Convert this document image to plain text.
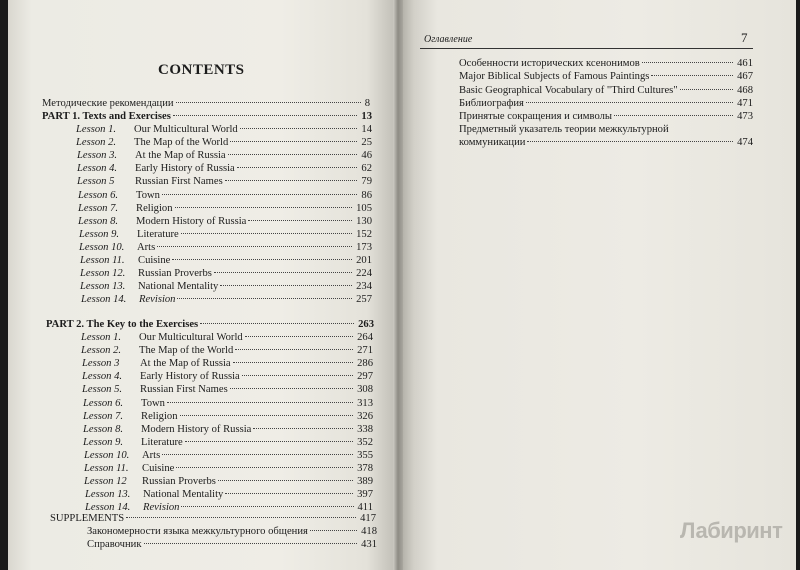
CONTENTS
Методические рекомендации	8
PART 1. Texts and Exercises	13
Lesson 1. Our Multicultural World	14
Lesson 2. The Map of the World	25
Lesson 3. At the Map of Russia	46
Lesson 4. Early History of Russia	62
Lesson 5 Russian First Names	79
Lesson 6. Town	86
Lesson 7. Religion	105
Lesson 8. Modern History of Russia	130
Lesson 9. Literature	152
Lesson 10. Arts	173
Lesson 11. Cuisine	201
Lesson 12. Russian Proverbs	224
Lesson 13. National Mentality	234
Lesson 14. Revision	257
PART 2. The Key to the Exercises	263
Lesson 1. Our Multicultural World	264
Lesson 2. The Map of the World	271
Lesson 3 At the Map of Russia	286
Lesson 4. Early History of Russia	297
Lesson 5. Russian First Names	308
Lesson 6. Town	313
Lesson 7. Religion	326
Lesson 8. Modern History of Russia	338
Lesson 9. Literature	352
Lesson 10. Arts	355
Lesson 11. Cuisine	378
Lesson 12 Russian Proverbs	389
Lesson 13. National Mentality	397
Lesson 14. Revision	411
SUPPLEMENTS	417
Закономерности языка межкультурного общения	418
Справочник	431
Оглавление	7
Особенности исторических ксенонимов	461
Major Biblical Subjects of Famous Paintings	467
Basic Geographical Vocabulary of "Third Cultures"	468
Библиография	471
Принятые сокращения и символы	473
Предметный указатель теории межкультурной
коммуникации	474
Лабиринт
